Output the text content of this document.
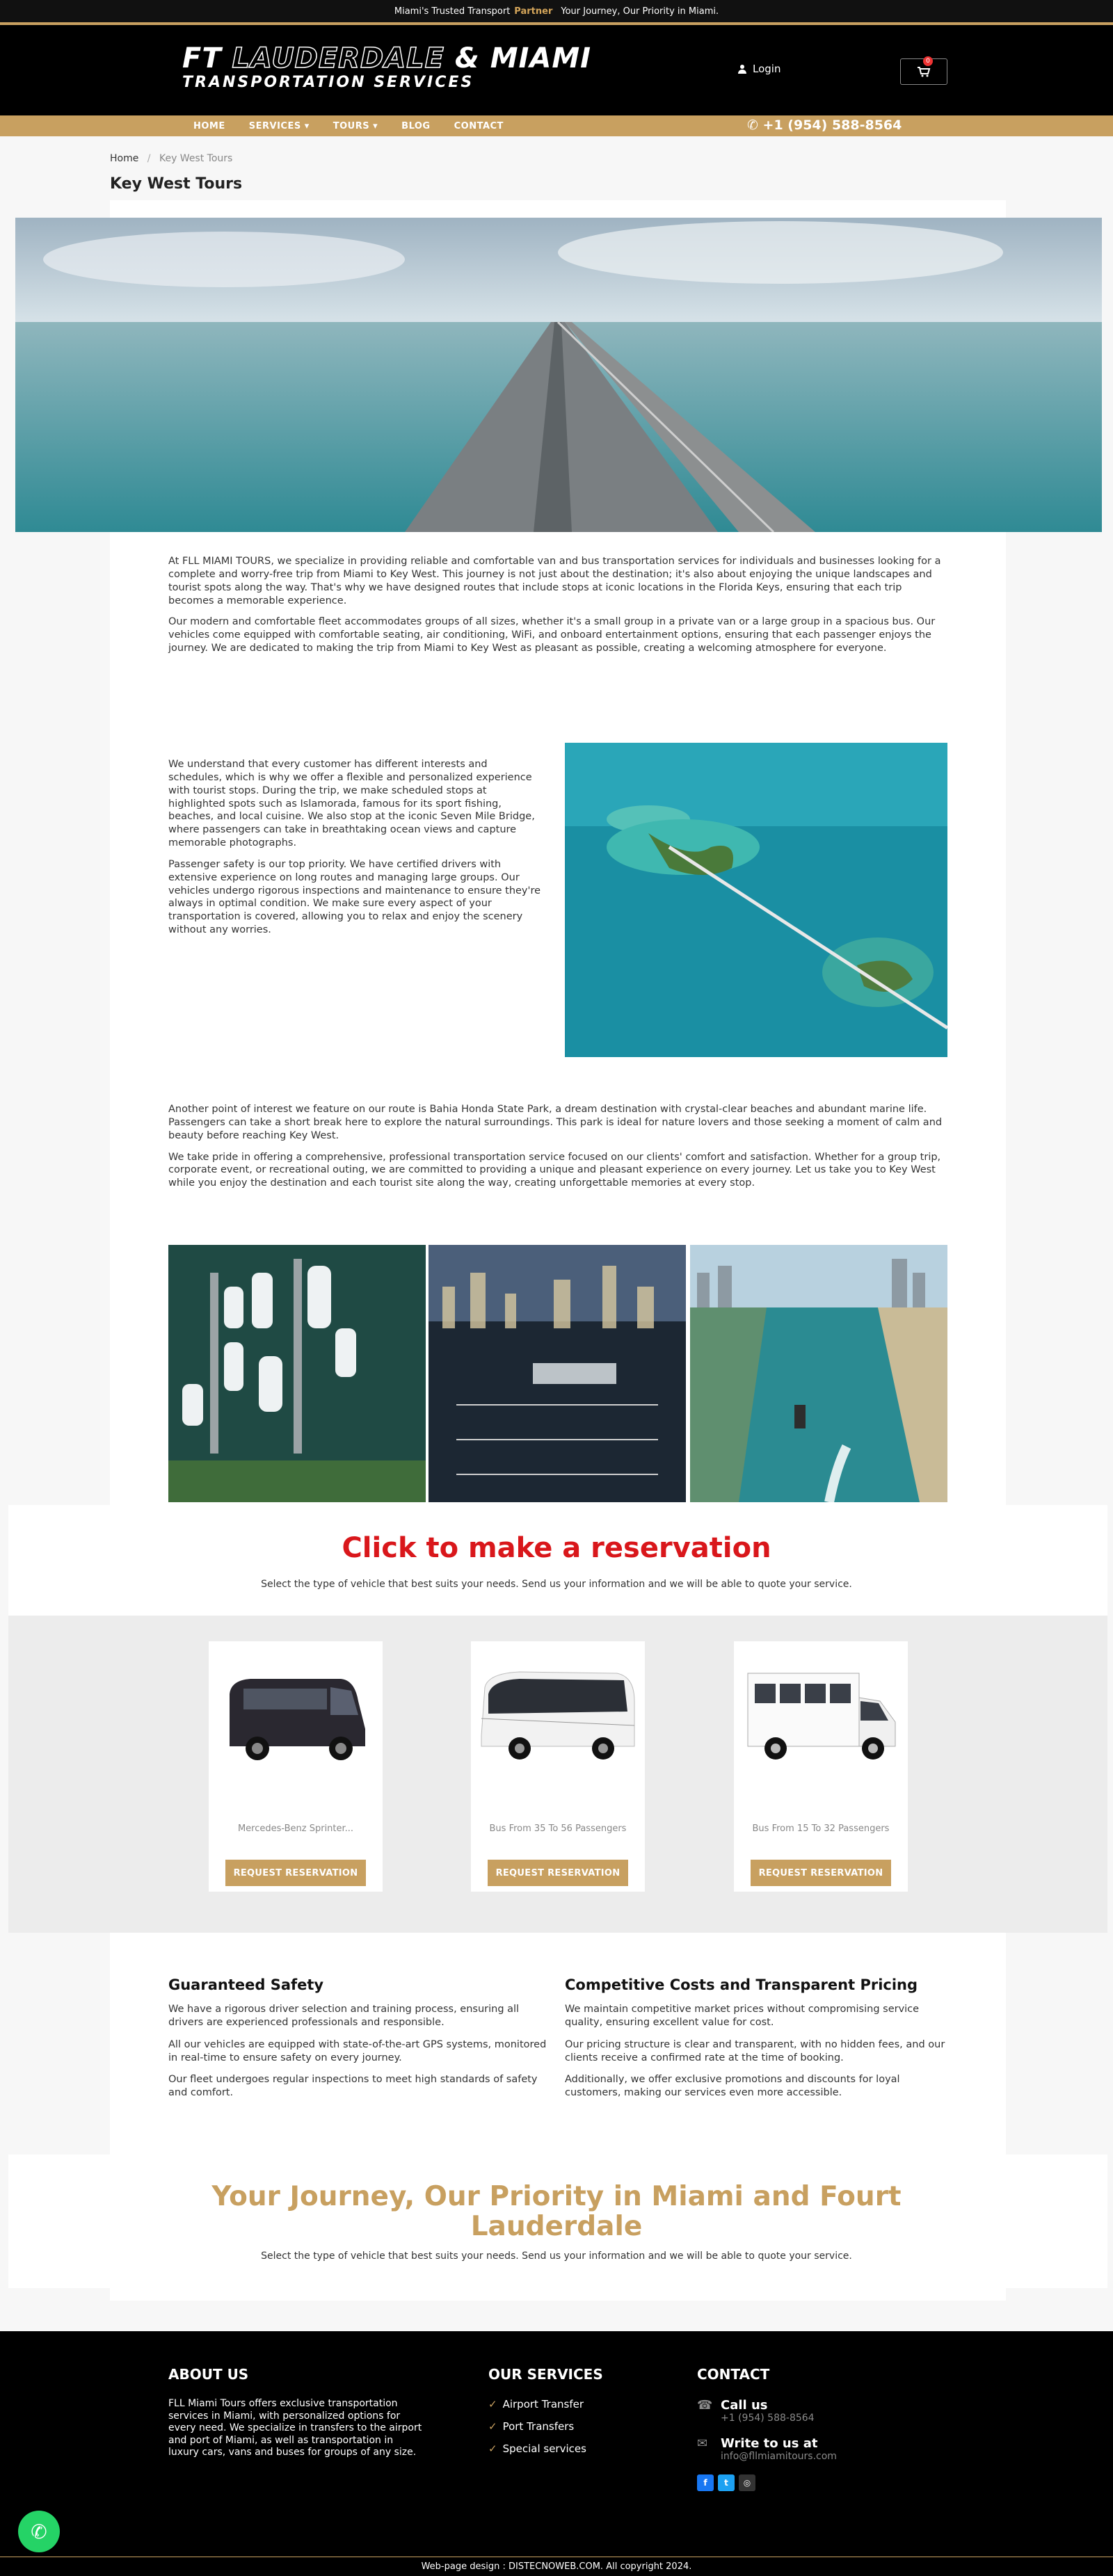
Miami's Trusted Transport Partner Your Journey, Our Priority in Miami.
FT LAUDERDALE & MIAMI
TRANSPORTATION SERVICES
Login
0
HOME	SERVICES ▾	TOURS ▾	BLOG	CONTACT	✆ +1 (954) 588-8564
Home / Key West Tours
Key West Tours

At FLL MIAMI TOURS, we specialize in providing reliable and comfortable van and bus transportation services for individuals and businesses looking for a complete and worry-free trip from Miami to Key West. This journey is not just about the destination; it's also about enjoying the unique landscapes and tourist spots along the way. That's why we have designed routes that include stops at iconic locations in the Florida Keys, ensuring that each trip becomes a memorable experience.

Our modern and comfortable fleet accommodates groups of all sizes, whether it's a small group in a private van or a large group in a spacious bus. Our vehicles come equipped with comfortable seating, air conditioning, WiFi, and onboard entertainment options, ensuring that each passenger enjoys the journey. We are dedicated to making the trip from Miami to Key West as pleasant as possible, creating a welcoming atmosphere for everyone.

We understand that every customer has different interests and schedules, which is why we offer a flexible and personalized experience with tourist stops. During the trip, we make scheduled stops at highlighted spots such as Islamorada, famous for its sport fishing, beaches, and local cuisine. We also stop at the iconic Seven Mile Bridge, where passengers can take in breathtaking ocean views and capture memorable photographs.

Passenger safety is our top priority. We have certified drivers with extensive experience on long routes and managing large groups. Our vehicles undergo rigorous inspections and maintenance to ensure they're always in optimal condition. We make sure every aspect of your transportation is covered, allowing you to relax and enjoy the scenery without any worries.

Another point of interest we feature on our route is Bahia Honda State Park, a dream destination with crystal-clear beaches and abundant marine life. Passengers can take a short break here to explore the natural surroundings. This park is ideal for nature lovers and those seeking a moment of calm and beauty before reaching Key West.

We take pride in offering a comprehensive, professional transportation service focused on our clients' comfort and satisfaction. Whether for a group trip, corporate event, or recreational outing, we are committed to providing a unique and pleasant experience on every journey. Let us take you to Key West while you enjoy the destination and each tourist site along the way, creating unforgettable memories at every stop.

Click to make a reservation

Select the type of vehicle that best suits your needs. Send us your information and we will be able to quote your service.

Mercedes-Benz Sprinter...
REQUEST RESERVATION
Bus From 35 To 56 Passengers
REQUEST RESERVATION
Bus From 15 To 32 Passengers
REQUEST RESERVATION
Guaranteed Safety

We have a rigorous driver selection and training process, ensuring all drivers are experienced professionals and responsible.

All our vehicles are equipped with state-of-the-art GPS systems, monitored in real-time to ensure safety on every journey.

Our fleet undergoes regular inspections to meet high standards of safety and comfort.

Competitive Costs and Transparent Pricing

We maintain competitive market prices without compromising service quality, ensuring excellent value for cost.

Our pricing structure is clear and transparent, with no hidden fees, and our clients receive a confirmed rate at the time of booking.

Additionally, we offer exclusive promotions and discounts for loyal customers, making our services even more accessible.

Your Journey, Our Priority in Miami and Fourt Lauderdale

Select the type of vehicle that best suits your needs. Send us your information and we will be able to quote your service.

ABOUT US

FLL Miami Tours offers exclusive transportation services in Miami, with personalized options for every need. We specialize in transfers to the airport and port of Miami, as well as transportation in luxury cars, vans and buses for groups of any size.

OUR SERVICES
✓ Airport Transfer
✓ Port Transfers
✓ Special services
CONTACT
☎ Call us
+1 (954) 588-8564
✉ Write to us at
info@fllmiamitours.com
f	t	◎
Web-page design : DISTECNOWEB.COM. All copyright 2024.
✆
